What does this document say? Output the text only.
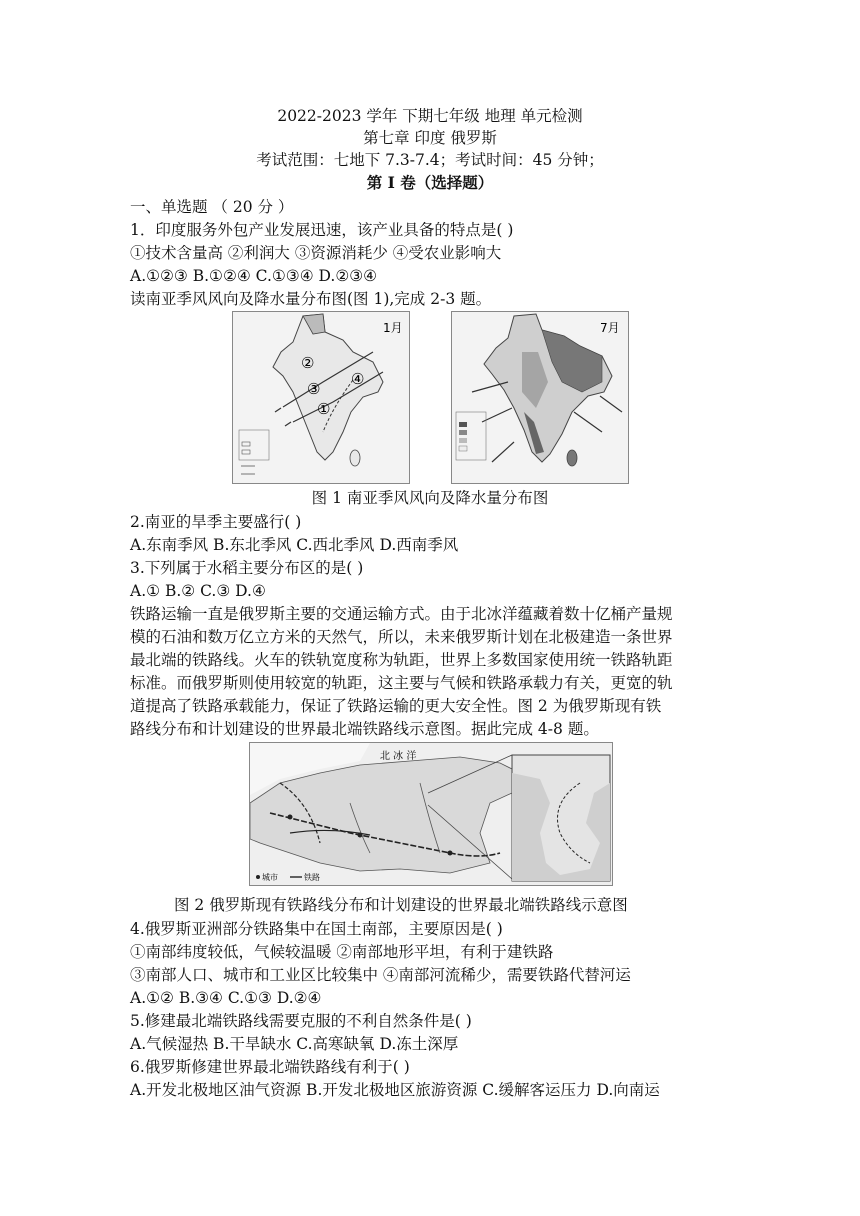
2022-2023 学年 下期七年级 地理 单元检测
第七章 印度 俄罗斯
考试范围：七地下 7.3-7.4；考试时间：45 分钟；
第 I 卷（选择题）
一、单选题 （ 20 分 ）
1．印度服务外包产业发展迅速，该产业具备的特点是( )
①技术含量高 ②利润大 ③资源消耗少 ④受农业影响大
A.①②③ B.①②④ C.①③④ D.②③④
读南亚季风风向及降水量分布图(图 1),完成 2-3 题。
②
④
③
①
1月	7月
图 1 南亚季风风向及降水量分布图
2.南亚的旱季主要盛行( )
A.东南季风 B.东北季风 C.西北季风 D.西南季风
3.下列属于水稻主要分布区的是( )
A.① B.② C.③ D.④
铁路运输一直是俄罗斯主要的交通运输方式。由于北冰洋蕴藏着数十亿桶产量规
模的石油和数万亿立方米的天然气，所以，未来俄罗斯计划在北极建造一条世界
最北端的铁路线。火车的铁轨宽度称为轨距，世界上多数国家使用统一铁路轨距
标准。而俄罗斯则使用较宽的轨距，这主要与气候和铁路承载力有关，更宽的轨
道提高了铁路承载能力，保证了铁路运输的更大安全性。图 2 为俄罗斯现有铁
路线分布和计划建设的世界最北端铁路线示意图。据此完成 4-8 题。
北 冰 洋
城市	铁路
图 2 俄罗斯现有铁路线分布和计划建设的世界最北端铁路线示意图
4.俄罗斯亚洲部分铁路集中在国土南部，主要原因是( )
①南部纬度较低，气候较温暖 ②南部地形平坦，有利于建铁路
③南部人口、城市和工业区比较集中 ④南部河流稀少，需要铁路代替河运
A.①② B.③④ C.①③ D.②④
5.修建最北端铁路线需要克服的不利自然条件是( )
A.气候湿热 B.干旱缺水 C.高寒缺氧 D.冻土深厚
6.俄罗斯修建世界最北端铁路线有利于( )
A.开发北极地区油气资源 B.开发北极地区旅游资源 C.缓解客运压力 D.向南运
